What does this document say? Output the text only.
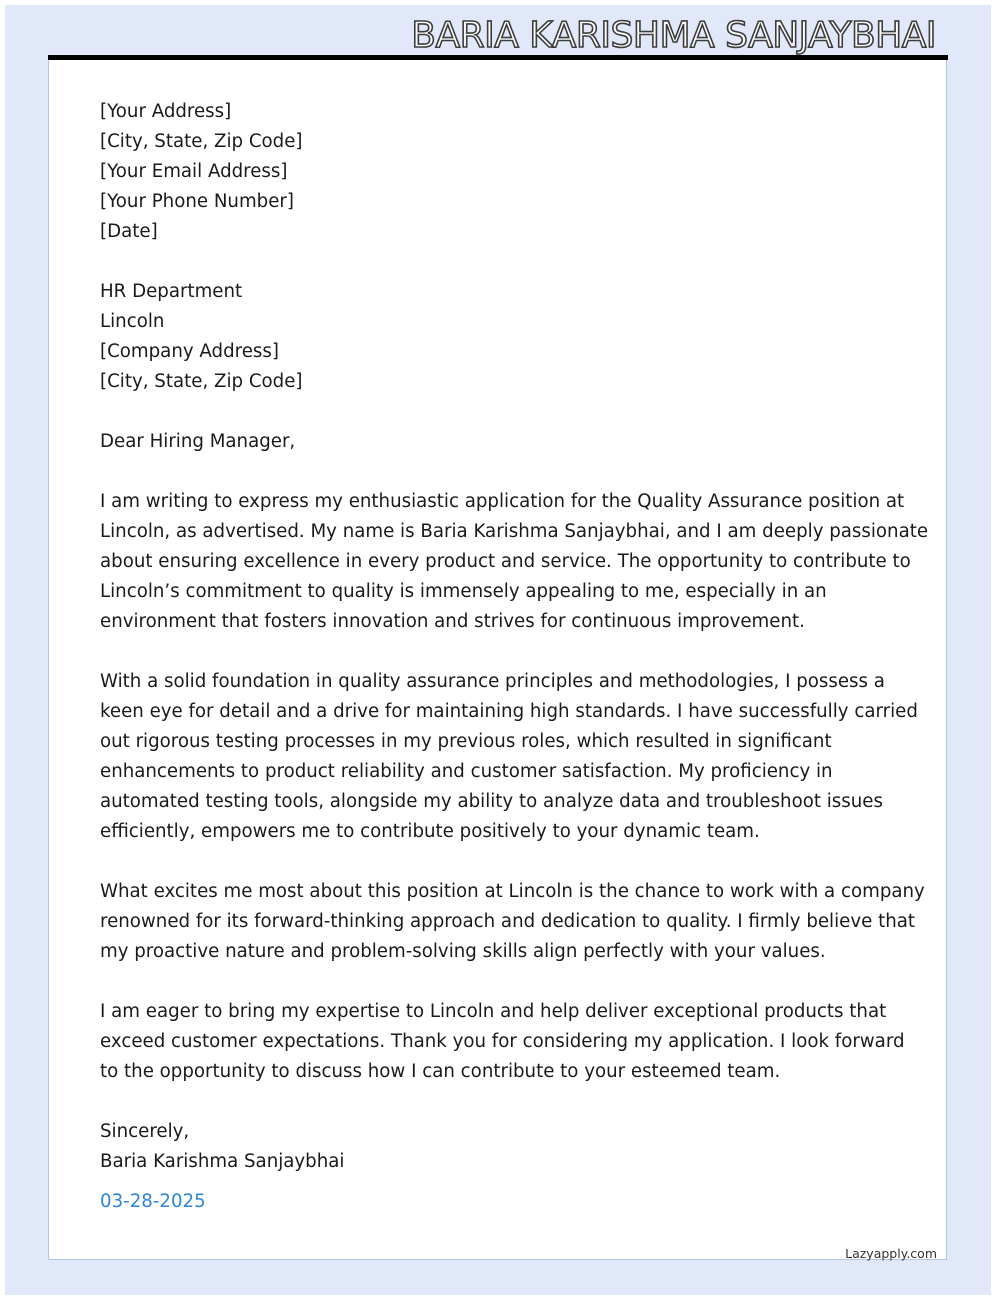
BARIA KARISHMA SANJAYBHAI
[Your Address]
[City, State, Zip Code]
[Your Email Address]
[Your Phone Number]
[Date]
HR Department
Lincoln
[Company Address]
[City, State, Zip Code]
Dear Hiring Manager,
I am writing to express my enthusiastic application for the Quality Assurance position at
Lincoln, as advertised. My name is Baria Karishma Sanjaybhai, and I am deeply passionate
about ensuring excellence in every product and service. The opportunity to contribute to
Lincoln’s commitment to quality is immensely appealing to me, especially in an
environment that fosters innovation and strives for continuous improvement.
With a solid foundation in quality assurance principles and methodologies, I possess a
keen eye for detail and a drive for maintaining high standards. I have successfully carried
out rigorous testing processes in my previous roles, which resulted in significant
enhancements to product reliability and customer satisfaction. My proficiency in
automated testing tools, alongside my ability to analyze data and troubleshoot issues
efficiently, empowers me to contribute positively to your dynamic team.
What excites me most about this position at Lincoln is the chance to work with a company
renowned for its forward-thinking approach and dedication to quality. I firmly believe that
my proactive nature and problem-solving skills align perfectly with your values.
I am eager to bring my expertise to Lincoln and help deliver exceptional products that
exceed customer expectations. Thank you for considering my application. I look forward
to the opportunity to discuss how I can contribute to your esteemed team.
Sincerely,
Baria Karishma Sanjaybhai
03-28-2025
Lazyapply.com
